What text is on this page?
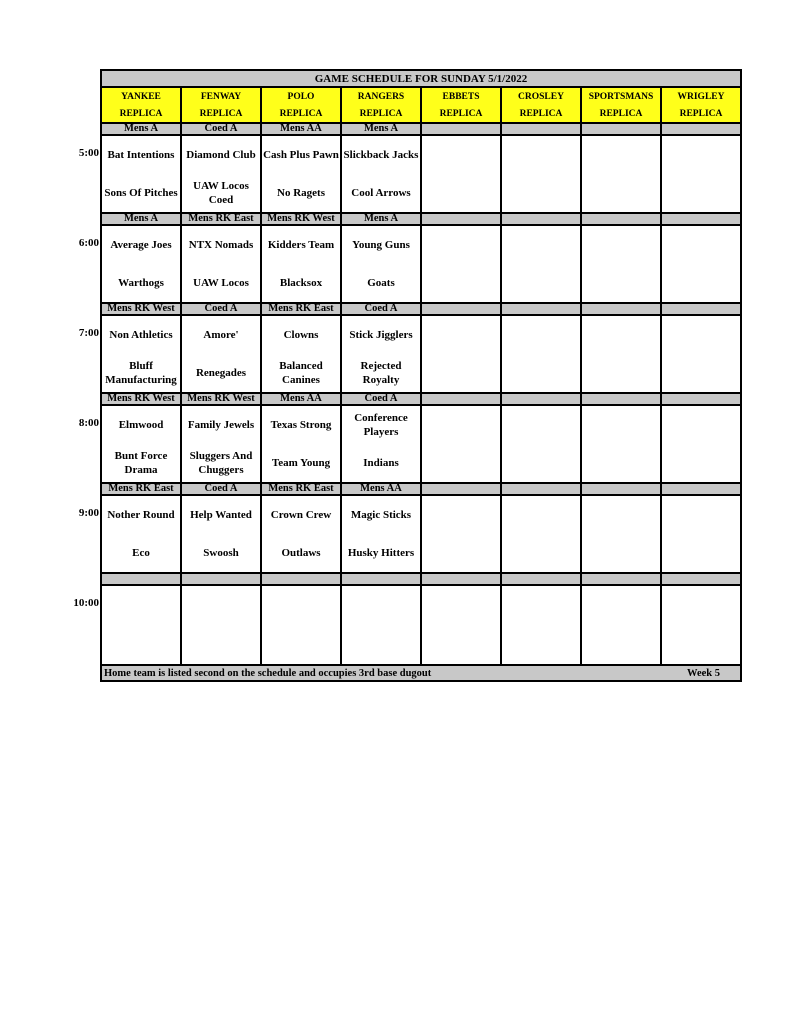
	GAME SCHEDULE FOR SUNDAY 5/1/2022							
	YANKEE	FENWAY	POLO	RANGERS	EBBETS	CROSLEY	SPORTSMANS	WRIGLEY
	REPLICA	REPLICA	REPLICA	REPLICA	REPLICA	REPLICA	REPLICA	REPLICA
	Mens A	Coed A	Mens AA	Mens A				
5:00	Bat Intentions	Diamond Club	Cash Plus Pawn	Slickback Jacks				
	Sons Of Pitches	UAW Locos Coed	No Ragets	Cool Arrows				
	Mens A	Mens RK East	Mens RK West	Mens A				
6:00	Average Joes	NTX Nomads	Kidders Team	Young Guns				
	Warthogs	UAW Locos	Blacksox	Goats				
	Mens RK West	Coed A	Mens RK East	Coed A				
7:00	Non Athletics	Amore'	Clowns	Stick Jigglers				
	Bluff Manufacturing	Renegades	Balanced Canines	Rejected Royalty				
	Mens RK West	Mens RK West	Mens AA	Coed A				
8:00	Elmwood	Family Jewels	Texas Strong	Conference Players				
	Bunt Force Drama	Sluggers And Chuggers	Team Young	Indians				
	Mens RK East	Coed A	Mens RK East	Mens AA				
9:00	Nother Round	Help Wanted	Crown Crew	Magic Sticks				
	Eco	Swoosh	Outlaws	Husky Hitters				

10:00								

	Home team is listed second on the schedule and occupies 3rd base dugout							Week 5
